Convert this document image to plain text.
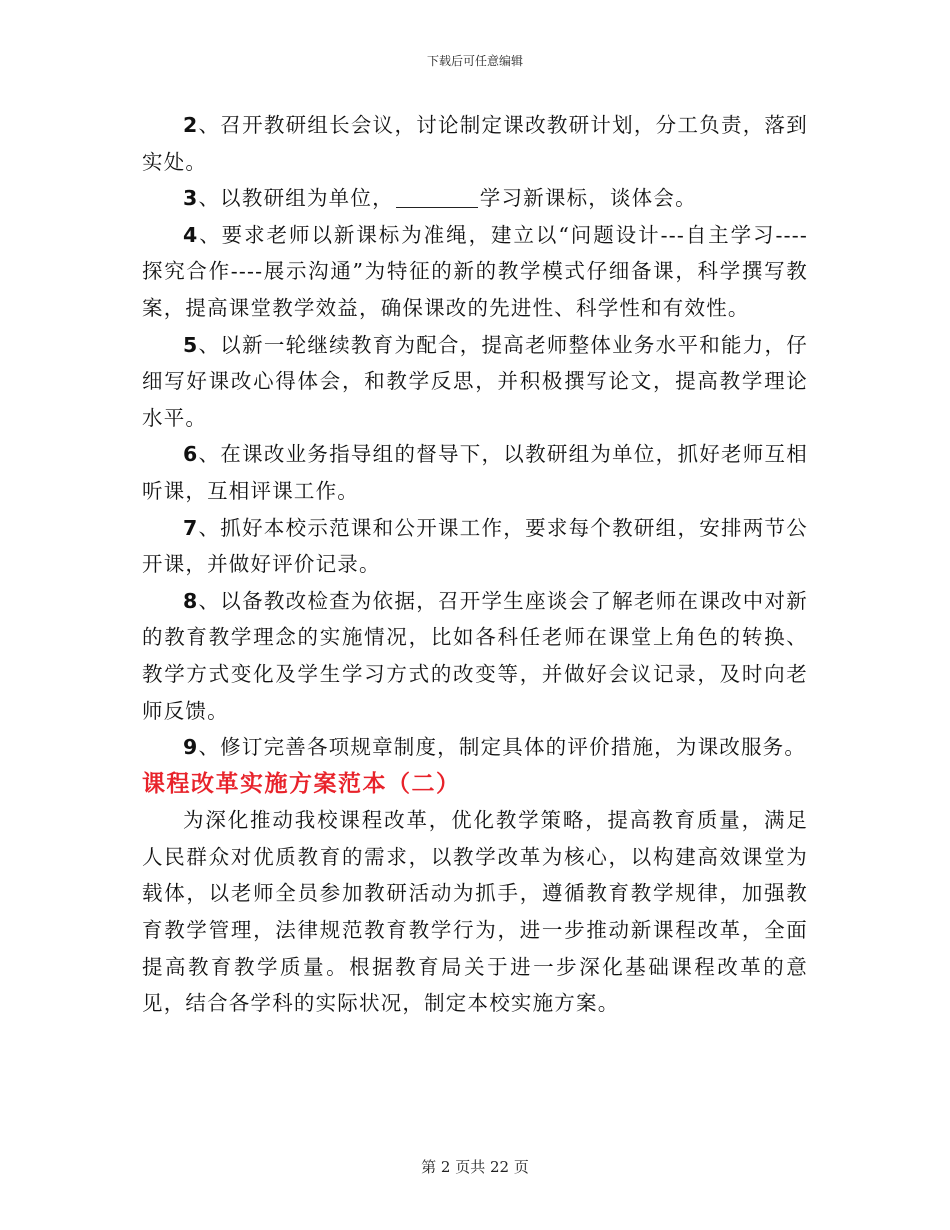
下载后可任意编辑

2、召开教研组长会议，讨论制定课改教研计划，分工负责，落到实处。

3、以教研组为单位，	学习新课标，谈体会。

4、要求老师以新课标为准绳，建立以“问题设计---自主学习----探究合作----展示沟通”为特征的新的教学模式仔细备课，科学撰写教案，提高课堂教学效益，确保课改的先进性、科学性和有效性。

5、以新一轮继续教育为配合，提高老师整体业务水平和能力，仔细写好课改心得体会，和教学反思，并积极撰写论文，提高教学理论水平。

6、在课改业务指导组的督导下，以教研组为单位，抓好老师互相听课，互相评课工作。

7、抓好本校示范课和公开课工作，要求每个教研组，安排两节公开课，并做好评价记录。

8、以备教改检查为依据，召开学生座谈会了解老师在课改中对新的教育教学理念的实施情况，比如各科任老师在课堂上角色的转换、教学方式变化及学生学习方式的改变等，并做好会议记录，及时向老师反馈。

9、修订完善各项规章制度，制定具体的评价措施，为课改服务。

课程改革实施方案范本（二）

为深化推动我校课程改革，优化教学策略，提高教育质量，满足人民群众对优质教育的需求，以教学改革为核心，以构建高效课堂为载体，以老师全员参加教研活动为抓手，遵循教育教学规律，加强教育教学管理，法律规范教育教学行为，进一步推动新课程改革，全面提高教育教学质量。根据教育局关于进一步深化基础课程改革的意见，结合各学科的实际状况，制定本校实施方案。

第 2 页共 22 页
